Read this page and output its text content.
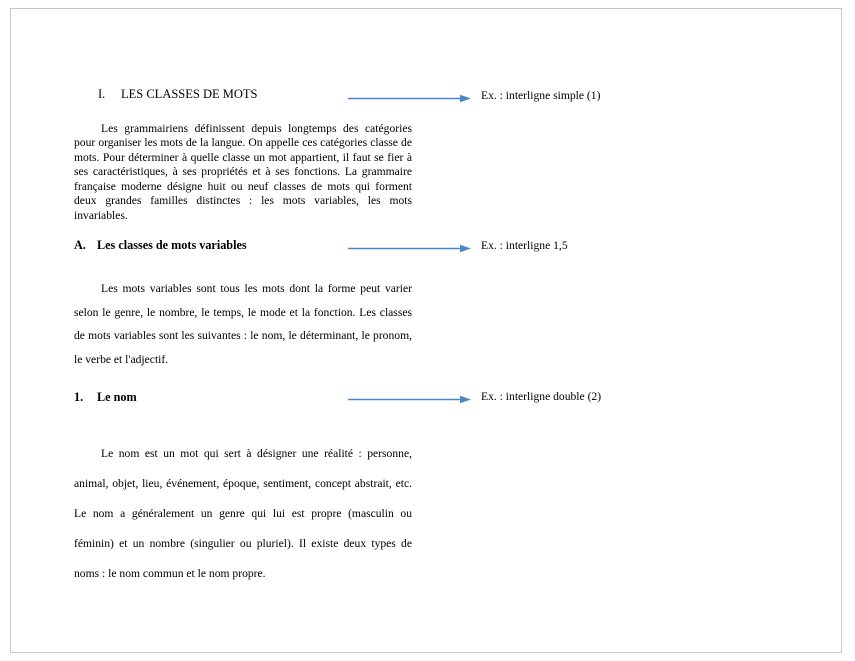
I. LES CLASSES DE MOTS

Les grammairiens définissent depuis longtemps des catégories pour organiser les mots de la langue. On appelle ces catégories classe de mots. Pour déterminer à quelle classe un mot appartient, il faut se fier à ses caractéristiques, à ses propriétés et à ses fonctions. La grammaire française moderne désigne huit ou neuf classes de mots qui forment deux grandes familles distinctes : les mots variables, les mots invariables.

A. Les classes de mots variables

Les mots variables sont tous les mots dont la forme peut varier selon le genre, le nombre, le temps, le mode et la fonction. Les classes de mots variables sont les suivantes : le nom, le déterminant, le pronom, le verbe et l'adjectif.

1. Le nom

Le nom est un mot qui sert à désigner une réalité : personne, animal, objet, lieu, événement, époque, sentiment, concept abstrait, etc. Le nom a généralement un genre qui lui est propre (masculin ou féminin) et un nombre (singulier ou pluriel). Il existe deux types de noms : le nom commun et le nom propre.

Ex. : interligne simple (1)
Ex. : interligne 1,5
Ex. : interligne double (2)
